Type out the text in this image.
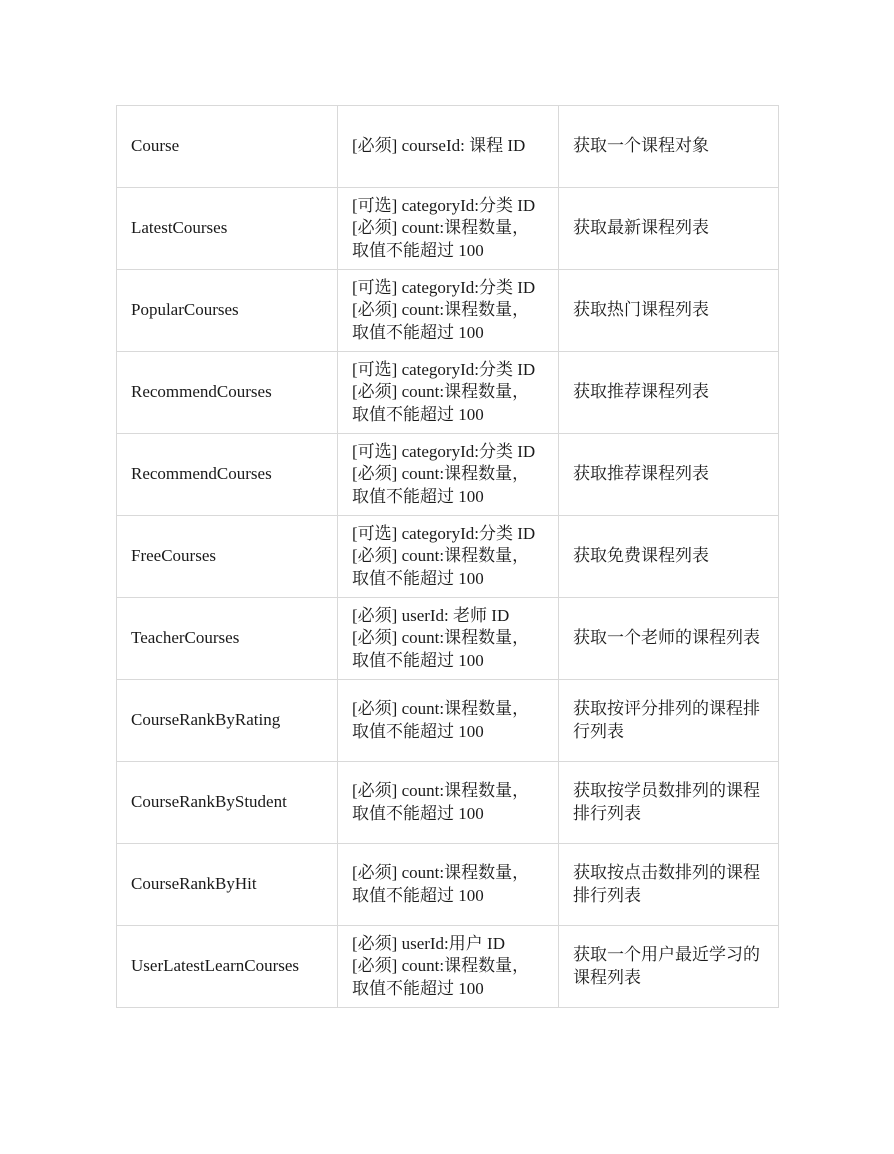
Course	[必须] courseId: 课程 ID	获取一个课程对象

LatestCourses	[可选] categoryId:分类 ID
[必须] count:课程数量，
取值不能超过 100	获取最新课程列表

PopularCourses	[可选] categoryId:分类 ID
[必须] count:课程数量，
取值不能超过 100	获取热门课程列表

RecommendCourses	[可选] categoryId:分类 ID
[必须] count:课程数量，
取值不能超过 100	获取推荐课程列表

RecommendCourses	[可选] categoryId:分类 ID
[必须] count:课程数量，
取值不能超过 100	获取推荐课程列表

FreeCourses	[可选] categoryId:分类 ID
[必须] count:课程数量，
取值不能超过 100	获取免费课程列表

TeacherCourses	[必须] userId: 老师 ID
[必须] count:课程数量，
取值不能超过 100	获取一个老师的课程列表

CourseRankByRating	[必须] count:课程数量，
取值不能超过 100	获取按评分排列的课程排行列表

CourseRankByStudent	[必须] count:课程数量，
取值不能超过 100	获取按学员数排列的课程排行列表

CourseRankByHit	[必须] count:课程数量，
取值不能超过 100	获取按点击数排列的课程排行列表

UserLatestLearnCourses	[必须] userId:用户 ID
[必须] count:课程数量，
取值不能超过 100	获取一个用户最近学习的课程列表
